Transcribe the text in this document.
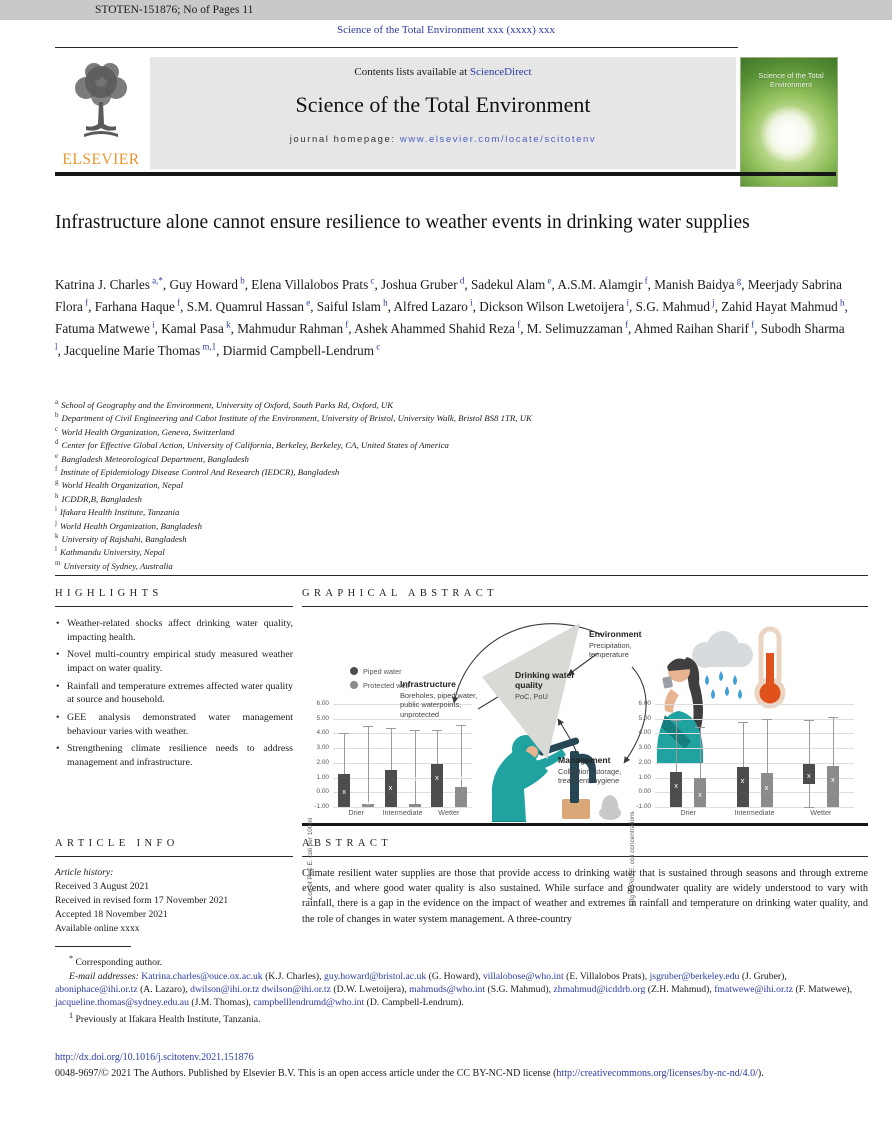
STOTEN-151876; No of Pages 11
Science of the Total Environment xxx (xxxx) xxx
ELSEVIER
Contents lists available at ScienceDirect
Science of the Total Environment
journal homepage: www.elsevier.com/locate/scitotenv
Science of the Total Environment
Infrastructure alone cannot ensure resilience to weather events in drinking water supplies
Katrina J. Charles $^{a,*}$, Guy Howard $^b$, Elena Villalobos Prats $^c$, Joshua Gruber $^d$, Sadekul Alam $^e$, A.S.M. Alamgir $^f$, Manish Baidya $^g$, Meerjady Sabrina Flora $^f$, Farhana Haque $^f$, S.M. Quamrul Hassan $^e$, Saiful Islam $^h$, Alfred Lazaro $^i$, Dickson Wilson Lwetoijera $^i$, S.G. Mahmud $^j$, Zahid Hayat Mahmud $^h$, Fatuma Matwewe $^i$, Kamal Pasa $^k$, Mahmudur Rahman $^f$, Ashek Ahammed Shahid Reza $^f$, M. Selimuzzaman $^f$, Ahmed Raihan Sharif $^f$, Subodh Sharma $^l$, Jacqueline Marie Thomas $^{m,1}$, Diarmid Campbell-Lendrum $^c$
$^a$ School of Geography and the Environment, University of Oxford, South Parks Rd, Oxford, UK
$^b$ Department of Civil Engineering and Cabot Institute of the Environment, University of Bristol, University Walk, Bristol BS8 1TR, UK
$^c$ World Health Organization, Geneva, Switzerland
$^d$ Center for Effective Global Action, University of California, Berkeley, Berkeley, CA, United States of America
$^e$ Bangladesh Meteorological Department, Bangladesh
$^f$ Institute of Epidemiology Disease Control And Research (IEDCR), Bangladesh
$^g$ World Health Organization, Nepal
$^h$ ICDDR,B, Bangladesh
$^i$ Ifakara Health Institute, Tanzania
$^j$ World Health Organization, Bangladesh
$^k$ University of Rajshahi, Bangladesh
$^l$ Kathmandu University, Nepal
$^m$ University of Sydney, Australia
HIGHLIGHTS
• Weather-related shocks affect drinking water quality, impacting health.
• Novel multi-country empirical study measured weather impact on water quality.
• Rainfall and temperature extremes affected water quality at source and household.
• GEE analysis demonstrated water management behaviour varies with weather.
• Strengthening climate resilience needs to address management and infrastructure.
GRAPHICAL ABSTRACT
Drinking water quality
PoC, PoU
Environment
Precipitation, temperature
Infrastructure
Boreholes, piped water, public waterpoints, unprotected
Management
Collection, storage, treatment, hygiene
Piped water
Protected well
Log of PoC E. coli per 100ml
6.00
5.00
4.00
3.00
2.00
1.00
0.00
-1.00
Drier
x
x
Intermediate
x
x
Wetter
x	x
Log of PoU E. coli concentrations
6.00
5.00
4.00
3.00
2.00
1.00
0.00
-1.00
Drier
x
x
Intermediate
x
x
Wetter
x	x
ARTICLE INFO
Article history:
Received 3 August 2021
Received in revised form 17 November 2021
Accepted 18 November 2021
Available online xxxx
ABSTRACT
Climate resilient water supplies are those that provide access to drinking water that is sustained through seasons and through extreme events, and where good water quality is also sustained. While surface and groundwater quality are widely understood to vary with rainfall, there is a gap in the evidence on the impact of weather and extremes in rainfall and temperature on drinking water quality, and the role of changes in water system management. A three-country
* Corresponding author.
E-mail addresses: Katrina.charles@ouce.ox.ac.uk (K.J. Charles), guy.howard@bristol.ac.uk (G. Howard), villalobose@who.int (E. Villalobos Prats), jsgruber@berkeley.edu (J. Gruber), aboniphace@ihi.or.tz (A. Lazaro), dwilson@ihi.or.tz dwilson@ihi.or.tz (D.W. Lwetoijera), mahmuds@who.int (S.G. Mahmud), zhmahmud@icddrb.org (Z.H. Mahmud), fmatwewe@ihi.or.tz (F. Matwewe), jacqueline.thomas@sydney.edu.au (J.M. Thomas), campbelllendrumd@who.int (D. Campbell-Lendrum).
$^1$ Previously at Ifakara Health Institute, Tanzania.
http://dx.doi.org/10.1016/j.scitotenv.2021.151876
0048-9697/© 2021 The Authors. Published by Elsevier B.V. This is an open access article under the CC BY-NC-ND license (http://creativecommons.org/licenses/by-nc-nd/4.0/).
